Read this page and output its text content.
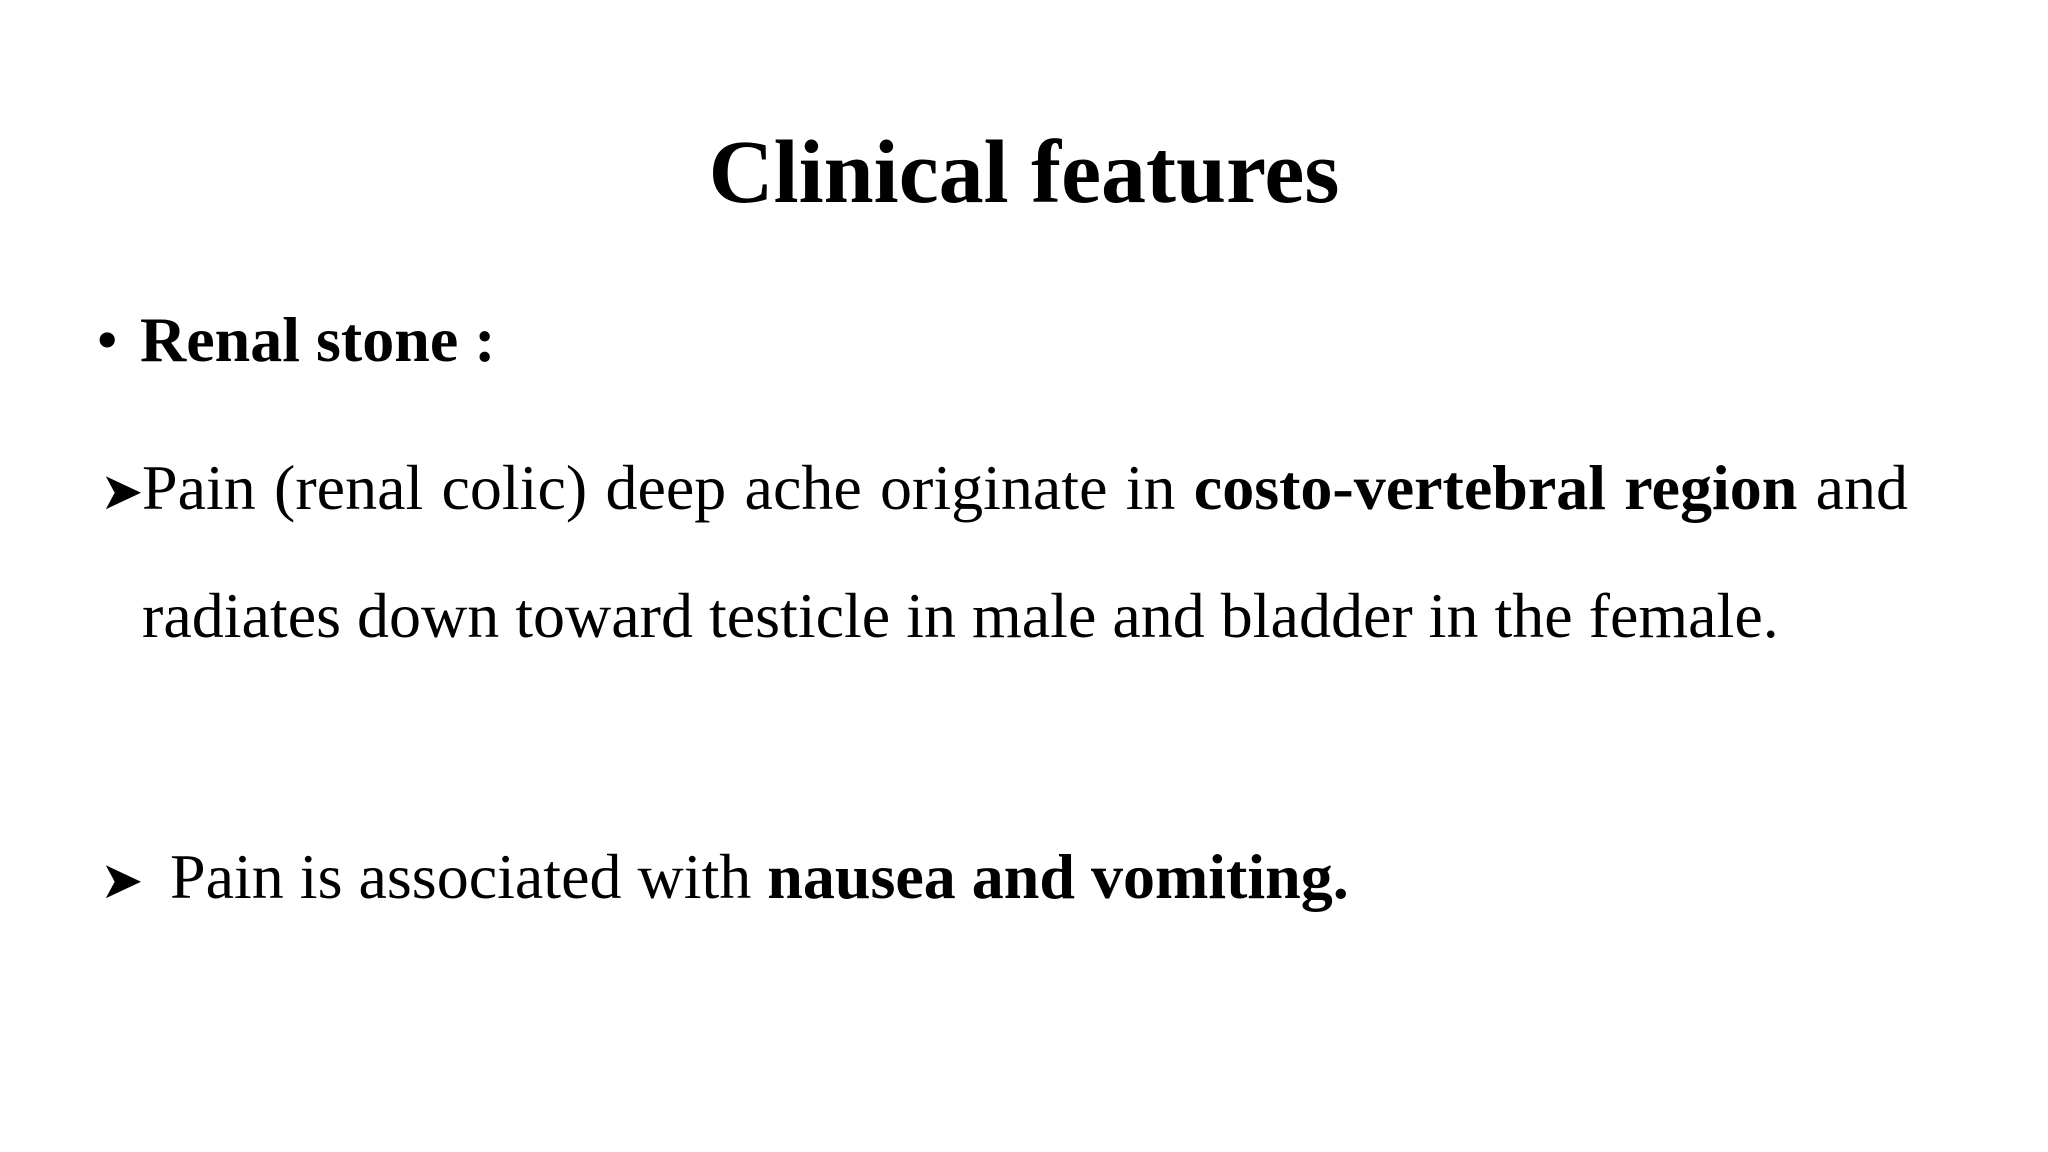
Clinical features
• Renal stone :
➤Pain (renal colic) deep ache originate in costo-vertebral region and radiates down toward testicle in male and bladder in the female.
➤ Pain is associated with nausea and vomiting.
